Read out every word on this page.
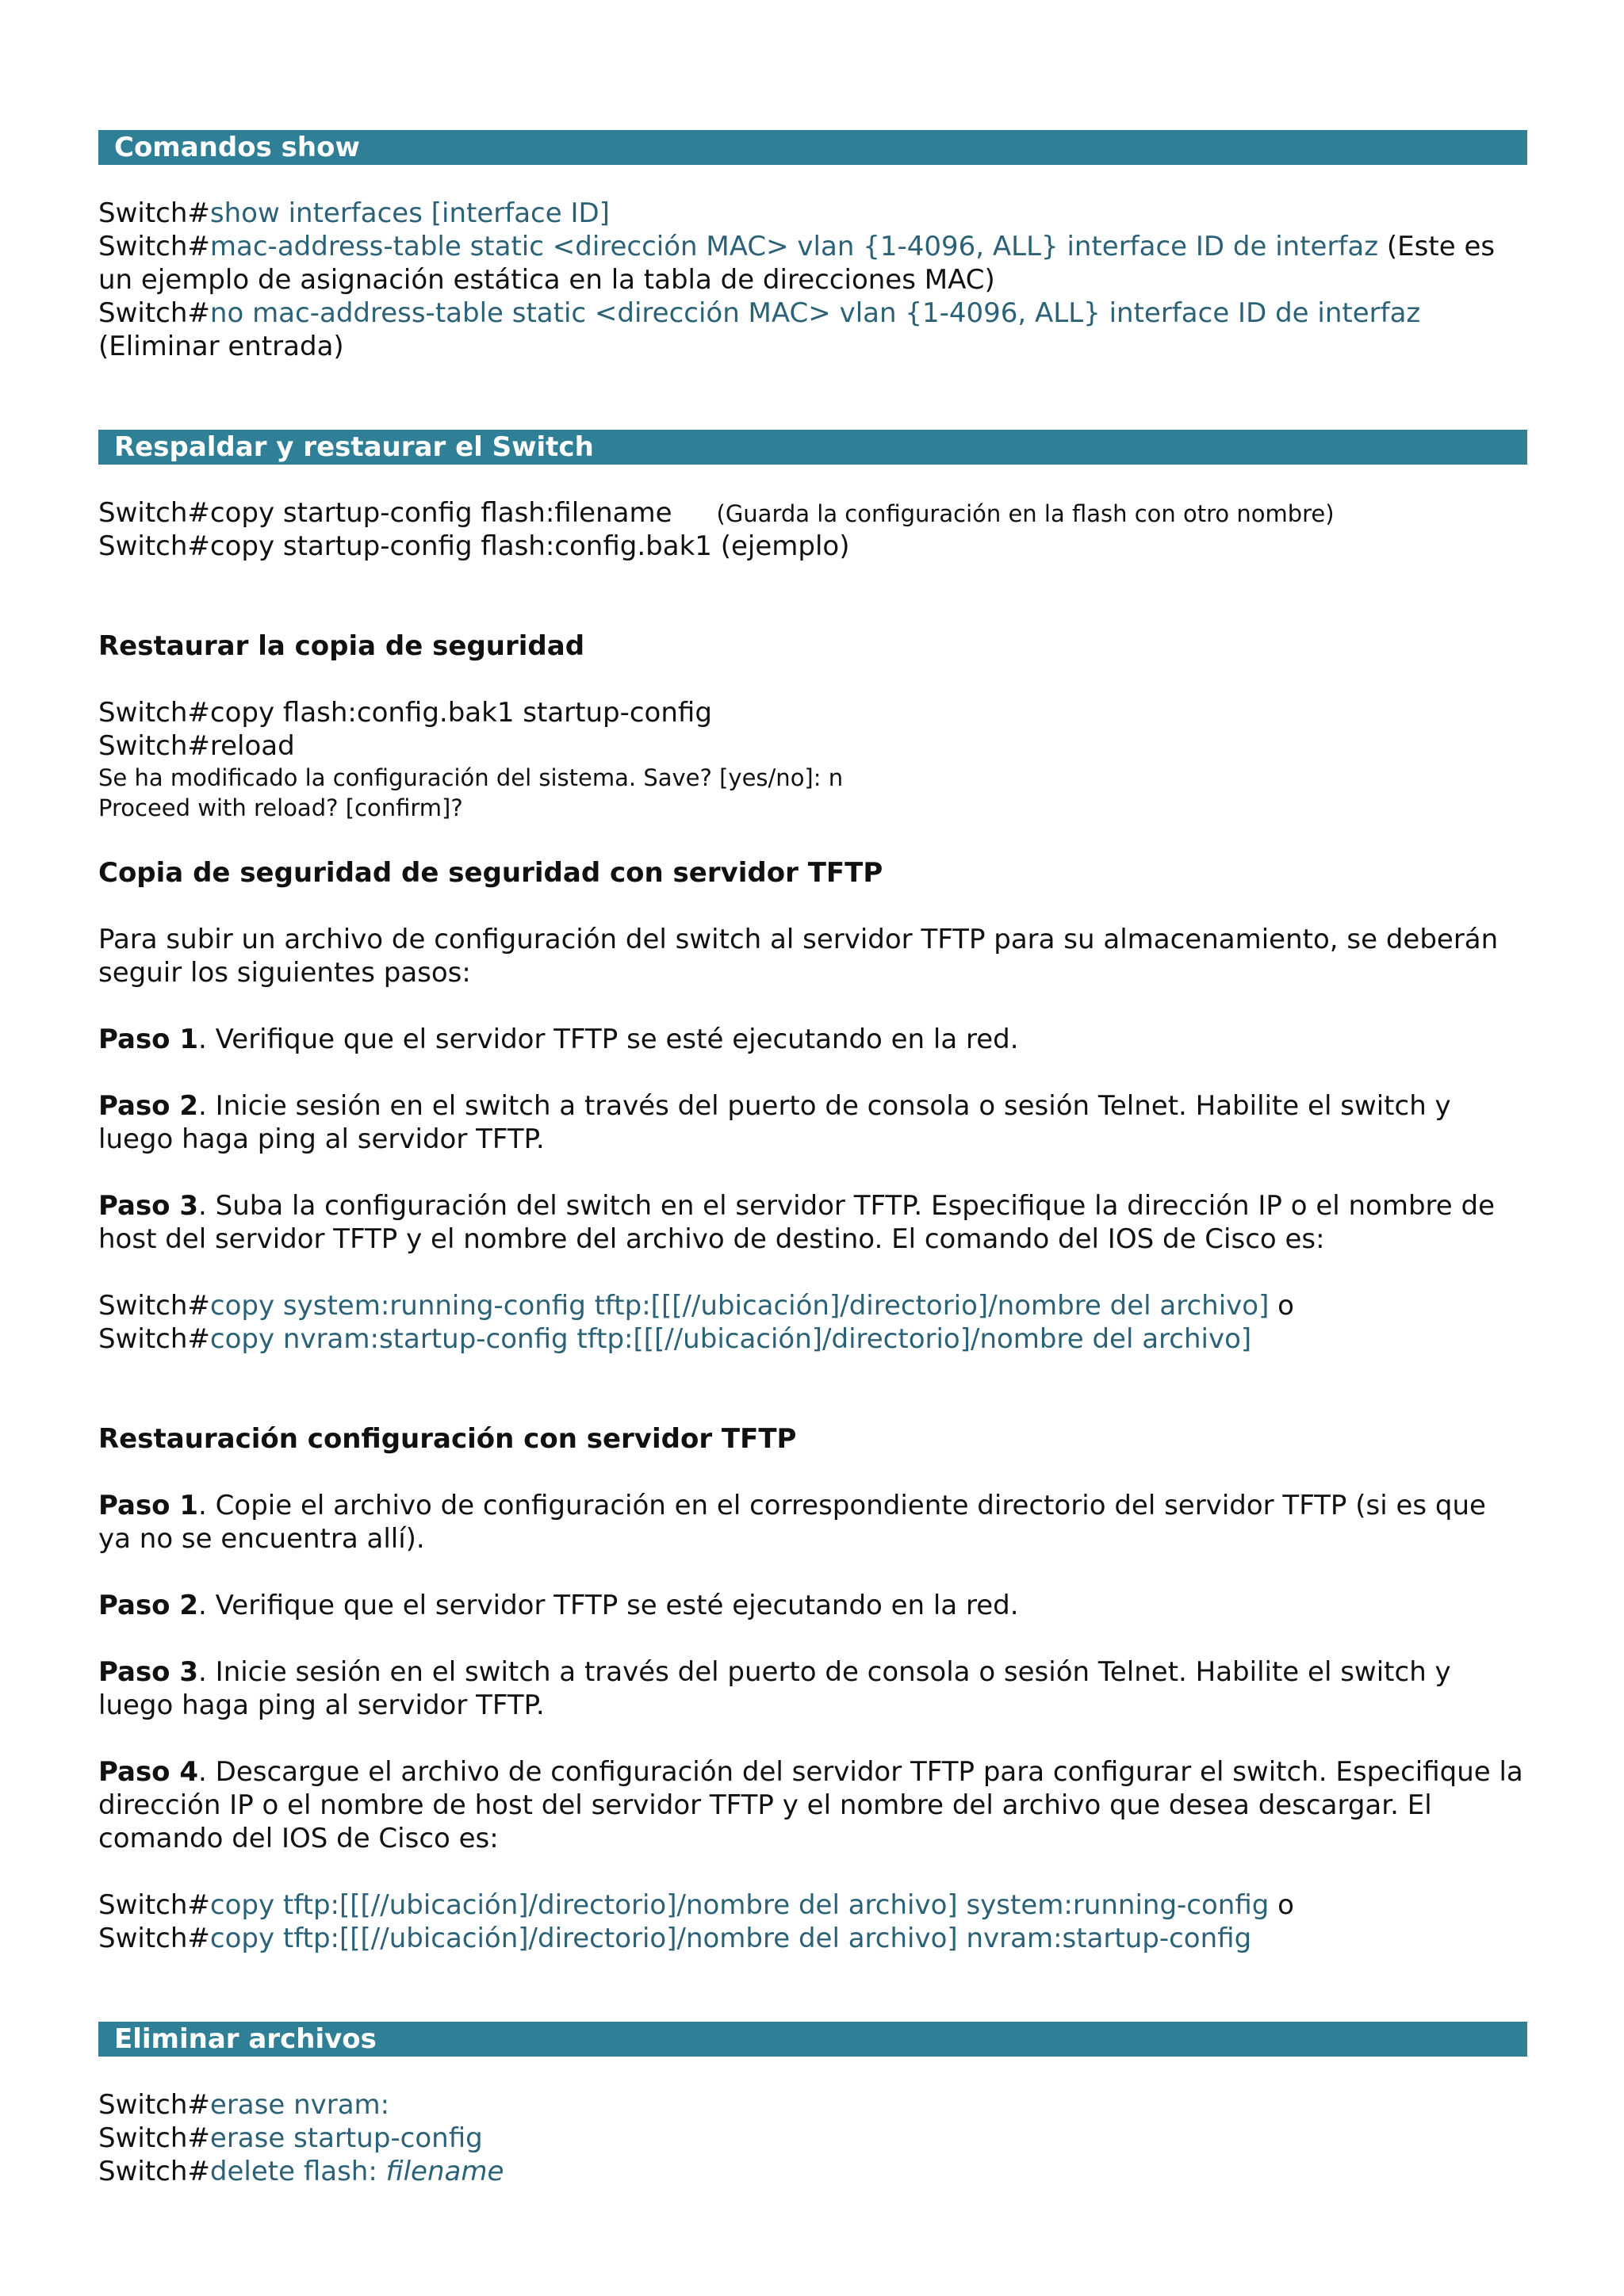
Comandos show

Switch#show interfaces [interface ID]

Switch#mac-address-table static <dirección MAC> vlan {1-4096, ALL} interface ID de interfaz (Este es un ejemplo de asignación estática en la tabla de direcciones MAC)

Switch#no mac-address-table static <dirección MAC> vlan {1-4096, ALL} interface ID de interfaz

(Eliminar entrada)

Respaldar y restaurar el Switch

Switch#copy startup-config flash:filename (Guarda la configuración en la flash con otro nombre)

Switch#copy startup-config flash:config.bak1 (ejemplo)

Restaurar la copia de seguridad

Switch#copy flash:config.bak1 startup-config

Switch#reload

Se ha modificado la configuración del sistema. Save? [yes/no]: n

Proceed with reload? [confirm]?

Copia de seguridad de seguridad con servidor TFTP

Para subir un archivo de configuración del switch al servidor TFTP para su almacenamiento, se deberán seguir los siguientes pasos:

Paso 1. Verifique que el servidor TFTP se esté ejecutando en la red.

Paso 2. Inicie sesión en el switch a través del puerto de consola o sesión Telnet. Habilite el switch y luego haga ping al servidor TFTP.

Paso 3. Suba la configuración del switch en el servidor TFTP. Especifique la dirección IP o el nombre de host del servidor TFTP y el nombre del archivo de destino. El comando del IOS de Cisco es:

Switch#copy system:running-config tftp:[[[//ubicación]/directorio]/nombre del archivo] o

Switch#copy nvram:startup-config tftp:[[[//ubicación]/directorio]/nombre del archivo]

Restauración configuración con servidor TFTP

Paso 1. Copie el archivo de configuración en el correspondiente directorio del servidor TFTP (si es que ya no se encuentra allí).

Paso 2. Verifique que el servidor TFTP se esté ejecutando en la red.

Paso 3. Inicie sesión en el switch a través del puerto de consola o sesión Telnet. Habilite el switch y luego haga ping al servidor TFTP.

Paso 4. Descargue el archivo de configuración del servidor TFTP para configurar el switch. Especifique la dirección IP o el nombre de host del servidor TFTP y el nombre del archivo que desea descargar. El comando del IOS de Cisco es:

Switch#copy tftp:[[[//ubicación]/directorio]/nombre del archivo] system:running-config o

Switch#copy tftp:[[[//ubicación]/directorio]/nombre del archivo] nvram:startup-config

Eliminar archivos

Switch#erase nvram:

Switch#erase startup-config

Switch#delete flash: filename
